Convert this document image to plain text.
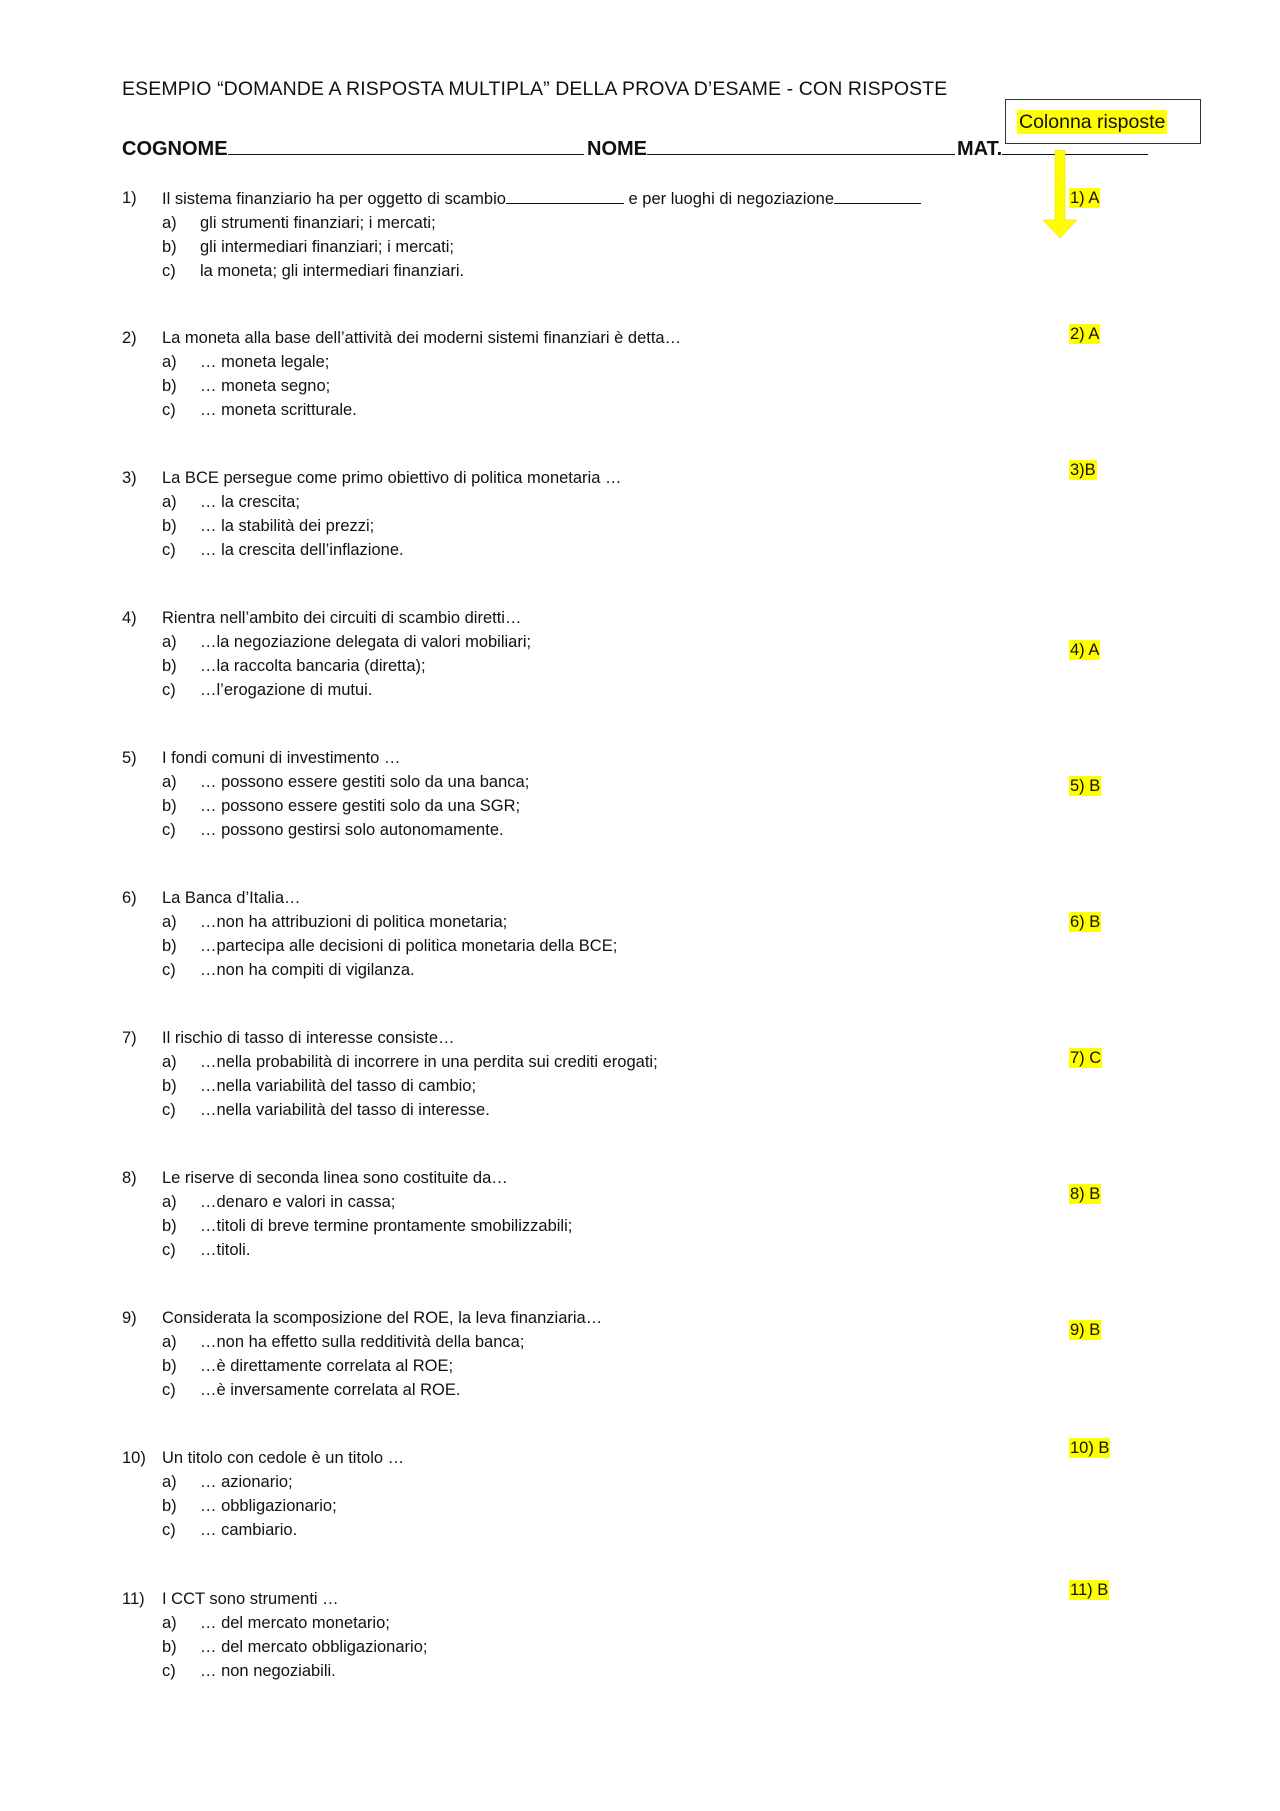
ESEMPIO “DOMANDE A RISPOSTA MULTIPLA” DELLA PROVA D’ESAME - CON RISPOSTE
COGNOME	NOME	MAT.
Colonna risposte
1)	Il sistema finanziario ha per oggetto di scambio	e per luoghi di negoziazione
a)	gli strumenti finanziari; i mercati;
b)	gli intermediari finanziari; i mercati;
c)	la moneta; gli intermediari finanziari.
1) A
2)	La moneta alla base dell’attività dei moderni sistemi finanziari è detta…
a)	… moneta legale;
b)	… moneta segno;
c)	… moneta scritturale.
2) A
3)	La BCE persegue come primo obiettivo di politica monetaria …
a)	… la crescita;
b)	… la stabilità dei prezzi;
c)	… la crescita dell’inflazione.
3)B
4)	Rientra nell’ambito dei circuiti di scambio diretti…
a)	…la negoziazione delegata di valori mobiliari;
b)	…la raccolta bancaria (diretta);
c)	…l’erogazione di mutui.
4) A
5)	I fondi comuni di investimento …
a)	… possono essere gestiti solo da una banca;
b)	… possono essere gestiti solo da una SGR;
c)	… possono gestirsi solo autonomamente.
5) B
6)	La Banca d’Italia…
a)	…non ha attribuzioni di politica monetaria;
b)	…partecipa alle decisioni di politica monetaria della BCE;
c)	…non ha compiti di vigilanza.
6) B
7)	Il rischio di tasso di interesse consiste…
a)	…nella probabilità di incorrere in una perdita sui crediti erogati;
b)	…nella variabilità del tasso di cambio;
c)	…nella variabilità del tasso di interesse.
7) C
8)	Le riserve di seconda linea sono costituite da…
a)	…denaro e valori in cassa;
b)	…titoli di breve termine prontamente smobilizzabili;
c)	…titoli.
8) B
9)	Considerata la scomposizione del ROE, la leva finanziaria…
a)	…non ha effetto sulla redditività della banca;
b)	…è direttamente correlata al ROE;
c)	…è inversamente correlata al ROE.
9) B
10) Un titolo con cedole è un titolo …
a)	… azionario;
b)	… obbligazionario;
c)	… cambiario.
10) B
11)	I CCT sono strumenti …
a)	… del mercato monetario;
b)	… del mercato obbligazionario;
c)	… non negoziabili.
11) B
